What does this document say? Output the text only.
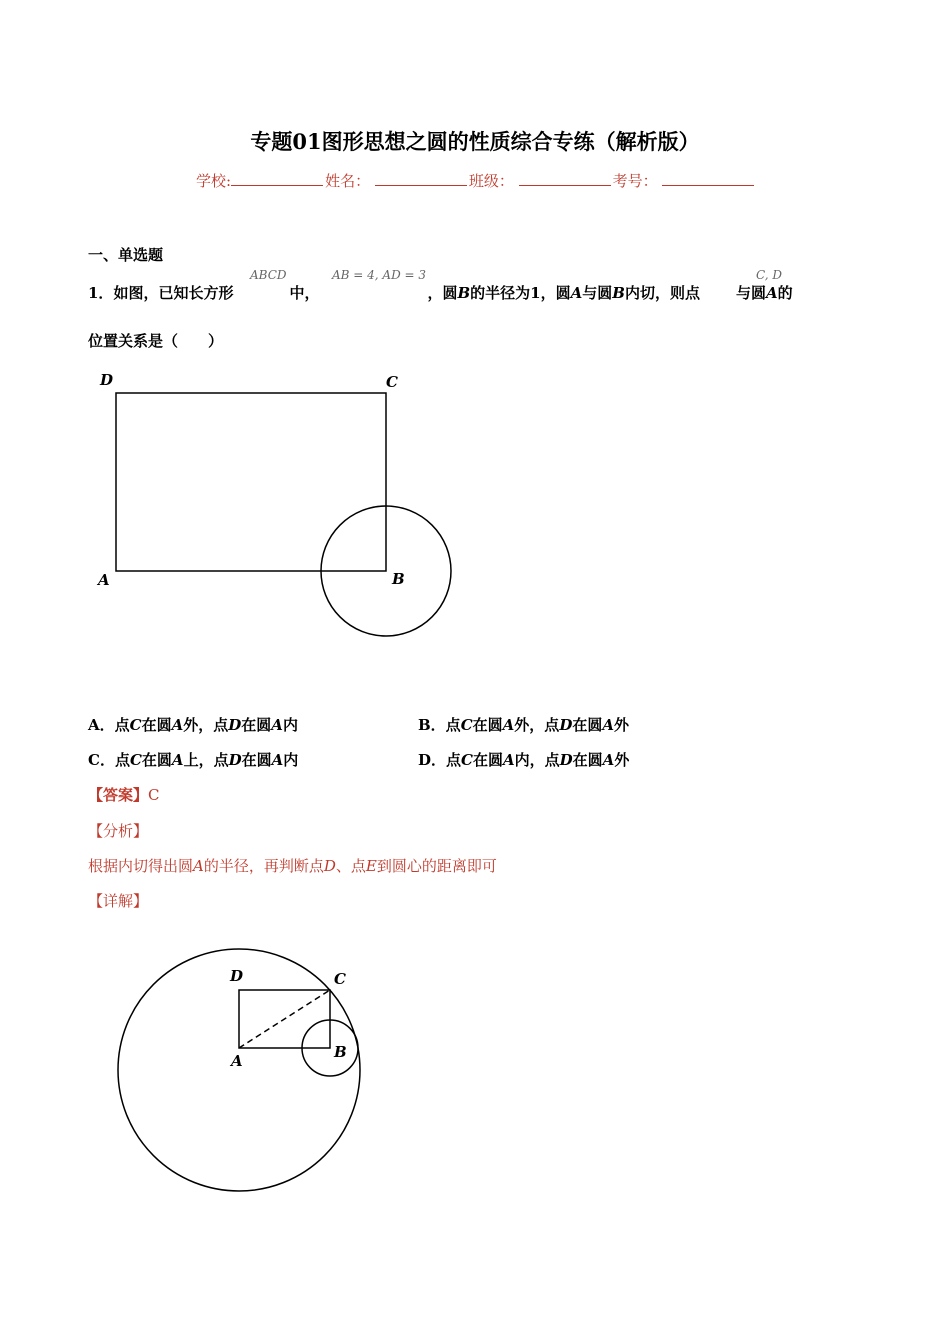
专题01图形思想之圆的性质综合专练（解析版）
学校:	姓名：	班级：	考号：
一、单选题
1．如图，已知长方形	中，	，圆B的半径为1，圆A与圆B内切，则点 与圆A的
ABCD	AB = 4, AD = 3	C, D
位置关系是（　　）
D	C
A	B
A．点C在圆A外，点D在圆A内	B．点C在圆A外，点D在圆A外
C．点C在圆A上，点D在圆A内	D．点C在圆A内，点D在圆A外
【答案】C
【分析】
根据内切得出圆A的半径，再判断点D、点E到圆心的距离即可
【详解】
D	C
A	B
